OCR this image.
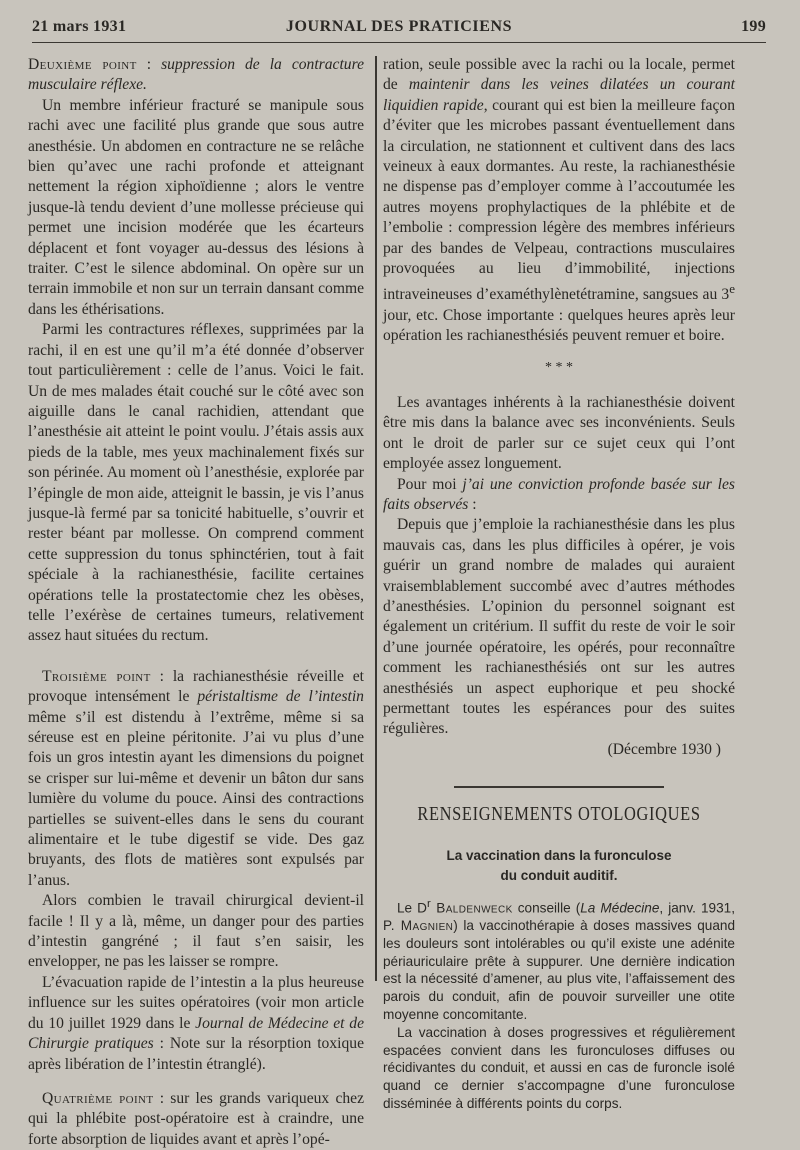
21 mars 1931	JOURNAL DES PRATICIENS	199

Deuxième point : suppression de la contracture musculaire réflexe.

Un membre inférieur fracturé se manipule sous rachi avec une facilité plus grande que sous autre anesthésie. Un abdomen en contracture ne se relâche bien qu’avec une rachi profonde et atteignant nettement la région xiphoïdienne ; alors le ventre jusque-là tendu devient d’une mollesse précieuse qui permet une incision modérée que les écarteurs déplacent et font voyager au-dessus des lésions à traiter. C’est le silence abdominal. On opère sur un terrain immobile et non sur un terrain dansant comme dans les éthérisations.

Parmi les contractures réflexes, supprimées par la rachi, il en est une qu’il m’a été donnée d’observer tout particulièrement : celle de l’anus. Voici le fait. Un de mes malades était couché sur le côté avec son aiguille dans le canal rachidien, attendant que l’anesthésie ait atteint le point voulu. J’étais assis aux pieds de la table, mes yeux machinalement fixés sur son périnée. Au moment où l’anesthésie, explorée par l’épingle de mon aide, atteignit le bassin, je vis l’anus jusque-là fermé par sa tonicité habituelle, s’ouvrir et rester béant par mollesse. On comprend comment cette suppression du tonus sphinctérien, tout à fait spéciale à la rachianesthésie, facilite certaines opérations telle la prostatectomie chez les obèses, telle l’exérèse de certaines tumeurs, relativement assez haut situées du rectum.

Troisième point : la rachianesthésie réveille et provoque intensément le péristaltisme de l’intestin même s’il est distendu à l’extrême, même si sa séreuse est en pleine péritonite. J’ai vu plus d’une fois un gros intestin ayant les dimensions du poignet se crisper sur lui-même et devenir un bâton dur sans lumière du volume du pouce. Ainsi des contractions partielles se suivent-elles dans le sens du courant alimentaire et le tube digestif se vide. Des gaz bruyants, des flots de matières sont expulsés par l’anus.

Alors combien le travail chirurgical devient-il facile ! Il y a là, même, un danger pour des parties d’intestin gangréné ; il faut s’en saisir, les envelopper, ne pas les laisser se rompre.

L’évacuation rapide de l’intestin a la plus heureuse influence sur les suites opératoires (voir mon article du 10 juillet 1929 dans le Journal de Médecine et de Chirurgie pratiques : Note sur la résorption toxique après libération de l’intestin étranglé).

Quatrième point : sur les grands variqueux chez qui la phlébite post-opératoire est à craindre, une forte absorption de liquides avant et après l’opé-

ration, seule possible avec la rachi ou la locale, permet de maintenir dans les veines dilatées un courant liquidien rapide, courant qui est bien la meilleure façon d’éviter que les microbes passant éventuellement dans la circulation, ne stationnent et cultivent dans des lacs veineux à eaux dormantes. Au reste, la rachianesthésie ne dispense pas d’employer comme à l’accoutumée les autres moyens prophylactiques de la phlébite et de l’embolie : compression légère des membres inférieurs par des bandes de Velpeau, contractions musculaires provoquées au lieu d’immobilité, injections intraveineuses d’examéthylènetétramine, sangsues au 3e jour, etc. Chose importante : quelques heures après leur opération les rachianesthésiés peuvent remuer et boire.

* * *

Les avantages inhérents à la rachianesthésie doivent être mis dans la balance avec ses inconvénients. Seuls ont le droit de parler sur ce sujet ceux qui l’ont employée assez longuement.

Pour moi j’ai une conviction profonde basée sur les faits observés :

Depuis que j’emploie la rachianesthésie dans les plus mauvais cas, dans les plus difficiles à opérer, je vois guérir un grand nombre de malades qui auraient vraisemblablement succombé avec d’autres méthodes d’anesthésies. L’opinion du personnel soignant est également un critérium. Il suffit du reste de voir le soir d’une journée opératoire, les opérés, pour reconnaître comment les rachianesthésiés ont sur les autres anesthésiés un aspect euphorique et peu shocké permettant toutes les espérances pour des suites régulières.

(Décembre 1930 )

RENSEIGNEMENTS OTOLOGIQUES
La vaccination dans la furonculose
du conduit auditif.

Le $D^r$ Baldenweck conseille (La Médecine, janv. 1931, P. Magnien) la vaccinothérapie à doses massives quand les douleurs sont intolérables ou qu’il existe une adénite périauriculaire prête à suppurer. Une dernière indication est la nécessité d’amener, au plus vite, l’affaissement des parois du conduit, afin de pouvoir surveiller une otite moyenne concomitante.

La vaccination à doses progressives et régulièrement espacées convient dans les furonculoses diffuses ou récidivantes du conduit, et aussi en cas de furoncle isolé quand ce dernier s’accompagne d’une furonculose disséminée à différents points du corps.
